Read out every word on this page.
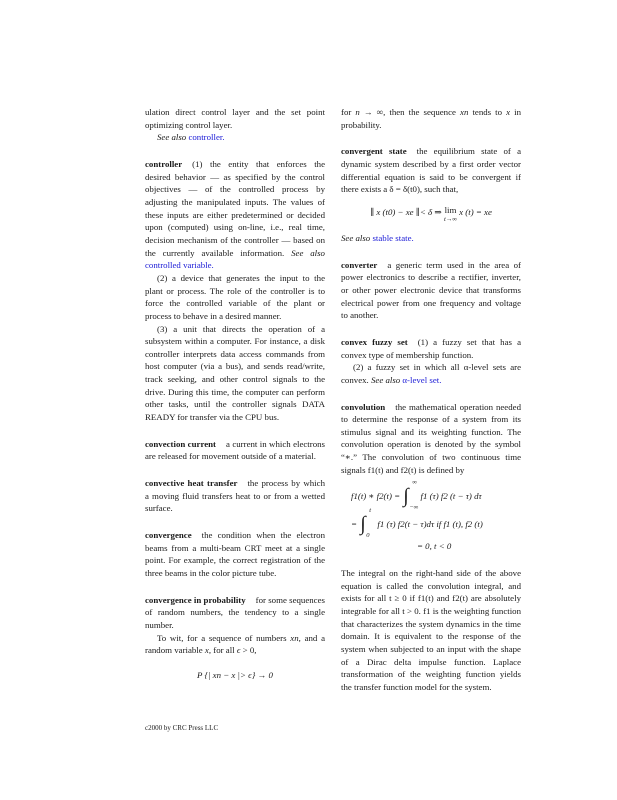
ulation direct control layer and the set point optimizing control layer.

See also controller.

controller (1) the entity that enforces the desired behavior — as specified by the control objectives — of the controlled process by adjusting the manipulated inputs. The values of these inputs are either predetermined or decided upon (computed) using on-line, i.e., real time, decision mechanism of the controller — based on the currently available information. See also controlled variable.

(2) a device that generates the input to the plant or process. The role of the controller is to force the controlled variable of the plant or process to behave in a desired manner.

(3) a unit that directs the operation of a subsystem within a computer. For instance, a disk controller interprets data access commands from host computer (via a bus), and sends read/write, track seeking, and other control signals to the drive. During this time, the computer can perform other tasks, until the controller signals DATA READY for transfer via the CPU bus.

convection current a current in which electrons are released for movement outside of a material.

convective heat transfer the process by which a moving fluid transfers heat to or from a wetted surface.

convergence the condition when the electron beams from a multi-beam CRT meet at a single point. For example, the correct registration of the three beams in the color picture tube.

convergence in probability for some sequences of random numbers, the tendency to a single number.

To wit, for a sequence of numbers xn, and a random variable x, for all ϵ > 0,

P {| xn − x |> ϵ} → 0

for n → ∞, then the sequence xn tends to x in probability.

convergent state the equilibrium state of a dynamic system described by a first order vector differential equation is said to be convergent if there exists a δ = δ(t0), such that,

∥ x (t0) − xe ∥< δ ⇒ lim
t→∞
x (t) = xe

See also stable state.

converter a generic term used in the area of power electronics to describe a rectifier, inverter, or other power electronic device that transforms electrical power from one frequency and voltage to another.

convex fuzzy set (1) a fuzzy set that has a convex type of membership function.

(2) a fuzzy set in which all α-level sets are convex. See also α-level set.

convolution the mathematical operation needed to determine the response of a system from its stimulus signal and its weighting function. The convolution operation is denoted by the symbol “∗.” The convolution of two continuous time signals f1(t) and f2(t) is defined by

f1(t) ∗ f2(t) = ∫
∞
−∞
f1 (τ) f2 (t − τ) dτ
= ∫
t
0
f1 (τ) f2(t − τ)dτ if f1 (t), f2 (t)
= 0, t < 0

The integral on the right-hand side of the above equation is called the convolution integral, and exists for all t ≥ 0 if f1(t) and f2(t) are absolutely integrable for all t > 0. f1 is the weighting function that characterizes the system dynamics in the time domain. It is equivalent to the response of the system when subjected to an input with the shape of a Dirac delta impulse function. Laplace transformation of the weighting function yields the transfer function model for the system.

c2000 by CRC Press LLC
